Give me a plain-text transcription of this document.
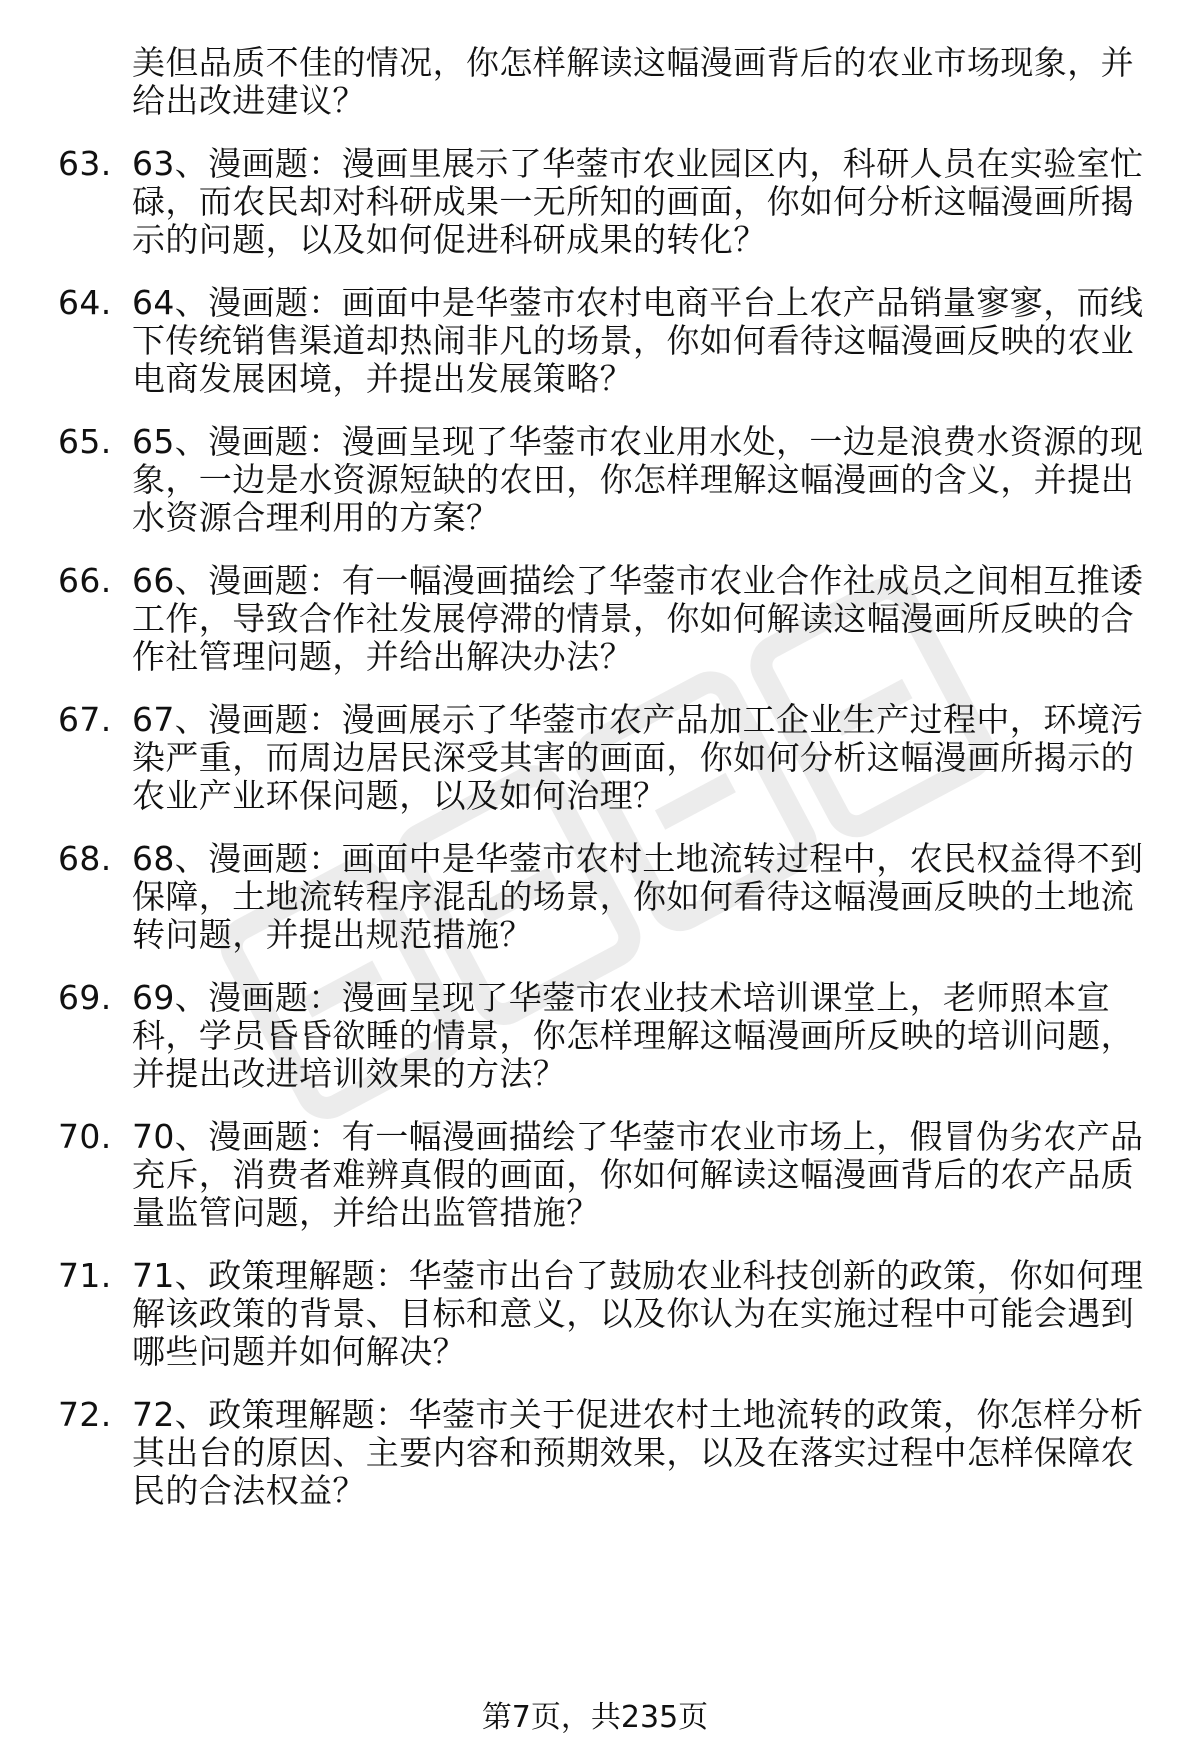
美但品质不佳的情况，你怎样解读这幅漫画背后的农业市场现象，并给出改进建议？
63. 63、漫画题：漫画里展示了华蓥市农业园区内，科研人员在实验室忙碌，而农民却对科研成果一无所知的画面，你如何分析这幅漫画所揭示的问题，以及如何促进科研成果的转化？
64. 64、漫画题：画面中是华蓥市农村电商平台上农产品销量寥寥，而线下传统销售渠道却热闹非凡的场景，你如何看待这幅漫画反映的农业电商发展困境，并提出发展策略？
65. 65、漫画题：漫画呈现了华蓥市农业用水处，一边是浪费水资源的现象，一边是水资源短缺的农田，你怎样理解这幅漫画的含义，并提出水资源合理利用的方案？
66. 66、漫画题：有一幅漫画描绘了华蓥市农业合作社成员之间相互推诿工作，导致合作社发展停滞的情景，你如何解读这幅漫画所反映的合作社管理问题，并给出解决办法？
67. 67、漫画题：漫画展示了华蓥市农产品加工企业生产过程中，环境污染严重，而周边居民深受其害的画面，你如何分析这幅漫画所揭示的农业产业环保问题，以及如何治理？
68. 68、漫画题：画面中是华蓥市农村土地流转过程中，农民权益得不到保障，土地流转程序混乱的场景，你如何看待这幅漫画反映的土地流转问题，并提出规范措施？
69. 69、漫画题：漫画呈现了华蓥市农业技术培训课堂上，老师照本宣科，学员昏昏欲睡的情景，你怎样理解这幅漫画所反映的培训问题，并提出改进培训效果的方法？
70. 70、漫画题：有一幅漫画描绘了华蓥市农业市场上，假冒伪劣农产品充斥，消费者难辨真假的画面，你如何解读这幅漫画背后的农产品质量监管问题，并给出监管措施？
71. 71、政策理解题：华蓥市出台了鼓励农业科技创新的政策，你如何理解该政策的背景、目标和意义，以及你认为在实施过程中可能会遇到哪些问题并如何解决？
72. 72、政策理解题：华蓥市关于促进农村土地流转的政策，你怎样分析其出台的原因、主要内容和预期效果，以及在落实过程中怎样保障农民的合法权益？
第7页，共235页
